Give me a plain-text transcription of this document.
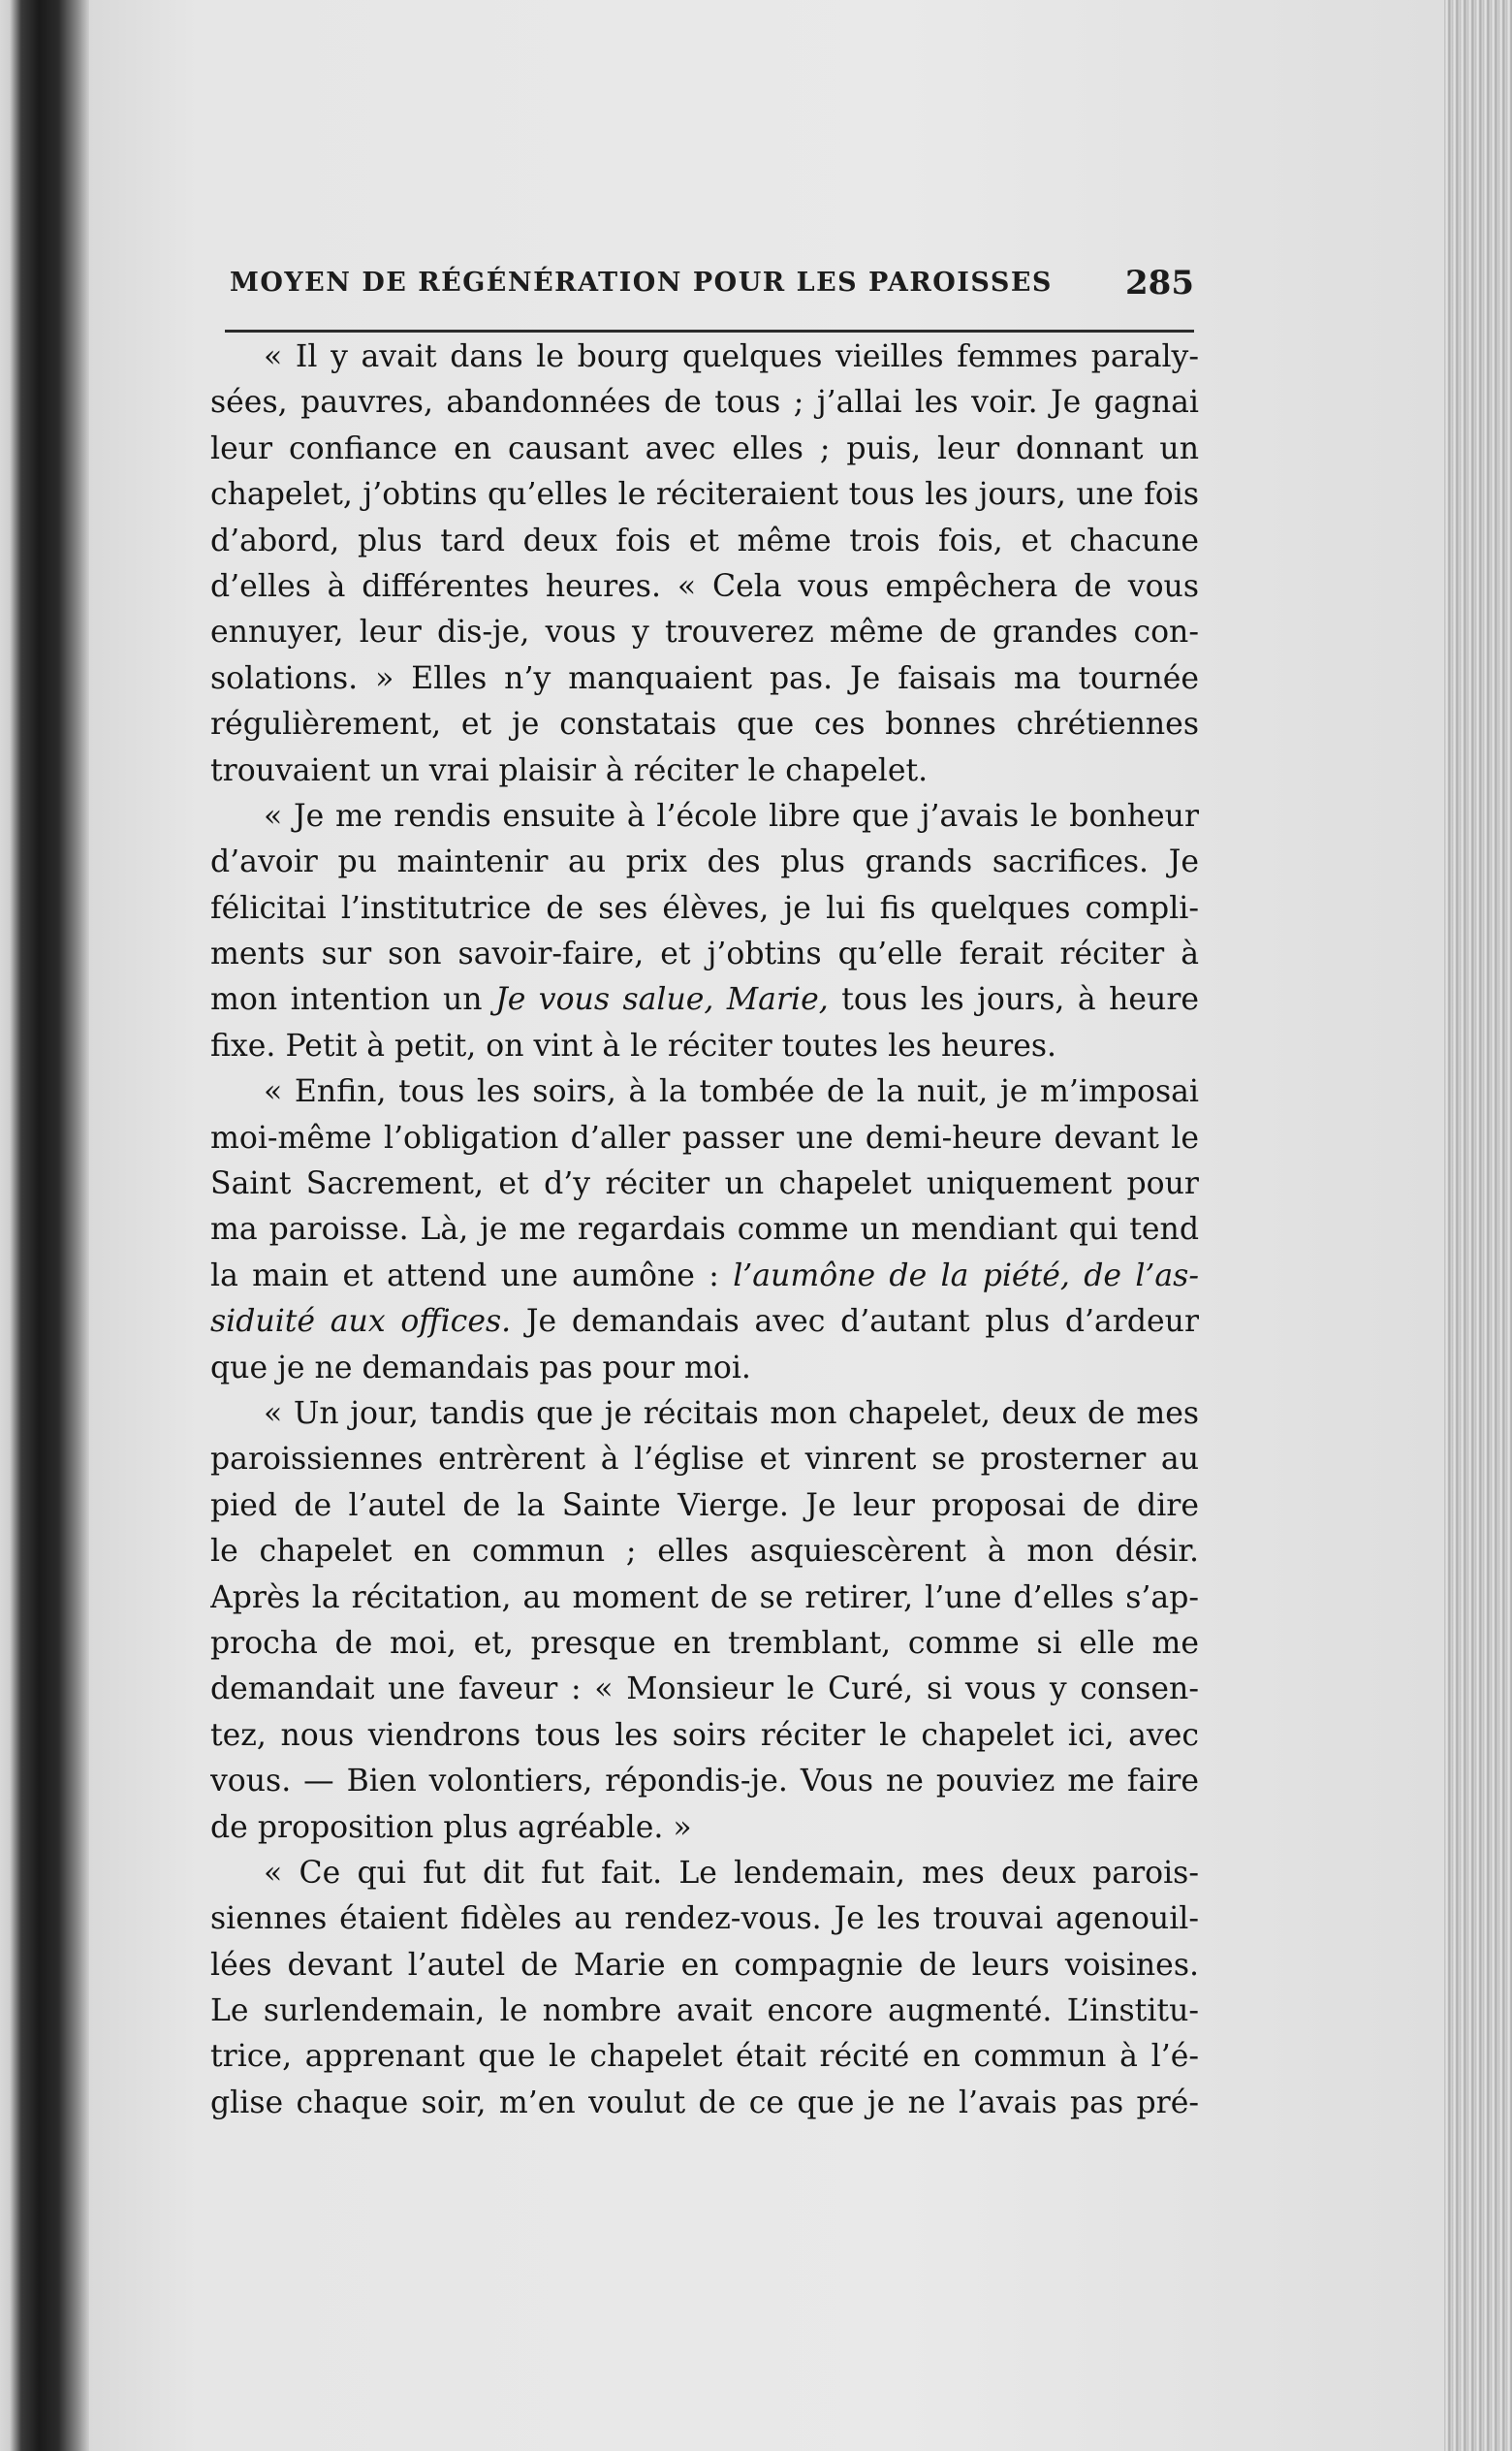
MOYEN DE RÉGÉNÉRATION POUR LES PAROISSES 285
« Il y avait dans le bourg quelques vieilles femmes paraly-
sées, pauvres, abandonnées de tous ; j’allai les voir. Je gagnai
leur confiance en causant avec elles ; puis, leur donnant un
chapelet, j’obtins qu’elles le réciteraient tous les jours, une fois
d’abord, plus tard deux fois et même trois fois, et chacune
d’elles à différentes heures. « Cela vous empêchera de vous
ennuyer, leur dis-je, vous y trouverez même de grandes con-
solations. » Elles n’y manquaient pas. Je faisais ma tournée
régulièrement, et je constatais que ces bonnes chrétiennes
trouvaient un vrai plaisir à réciter le chapelet.
« Je me rendis ensuite à l’école libre que j’avais le bonheur
d’avoir pu maintenir au prix des plus grands sacrifices. Je
félicitai l’institutrice de ses élèves, je lui fis quelques compli-
ments sur son savoir-faire, et j’obtins qu’elle ferait réciter à
mon intention un Je vous salue, Marie, tous les jours, à heure
fixe. Petit à petit, on vint à le réciter toutes les heures.
« Enfin, tous les soirs, à la tombée de la nuit, je m’imposai
moi-même l’obligation d’aller passer une demi-heure devant le
Saint Sacrement, et d’y réciter un chapelet uniquement pour
ma paroisse. Là, je me regardais comme un mendiant qui tend
la main et attend une aumône : l’aumône de la piété, de l’as-
siduité aux offices. Je demandais avec d’autant plus d’ardeur
que je ne demandais pas pour moi.
« Un jour, tandis que je récitais mon chapelet, deux de mes
paroissiennes entrèrent à l’église et vinrent se prosterner au
pied de l’autel de la Sainte Vierge. Je leur proposai de dire
le chapelet en commun ; elles asquiescèrent à mon désir.
Après la récitation, au moment de se retirer, l’une d’elles s’ap-
procha de moi, et, presque en tremblant, comme si elle me
demandait une faveur : « Monsieur le Curé, si vous y consen-
tez, nous viendrons tous les soirs réciter le chapelet ici, avec
vous. — Bien volontiers, répondis-je. Vous ne pouviez me faire
de proposition plus agréable. »
« Ce qui fut dit fut fait. Le lendemain, mes deux parois-
siennes étaient fidèles au rendez-vous. Je les trouvai agenouil-
lées devant l’autel de Marie en compagnie de leurs voisines.
Le surlendemain, le nombre avait encore augmenté. L’institu-
trice, apprenant que le chapelet était récité en commun à l’é-
glise chaque soir, m’en voulut de ce que je ne l’avais pas pré-
